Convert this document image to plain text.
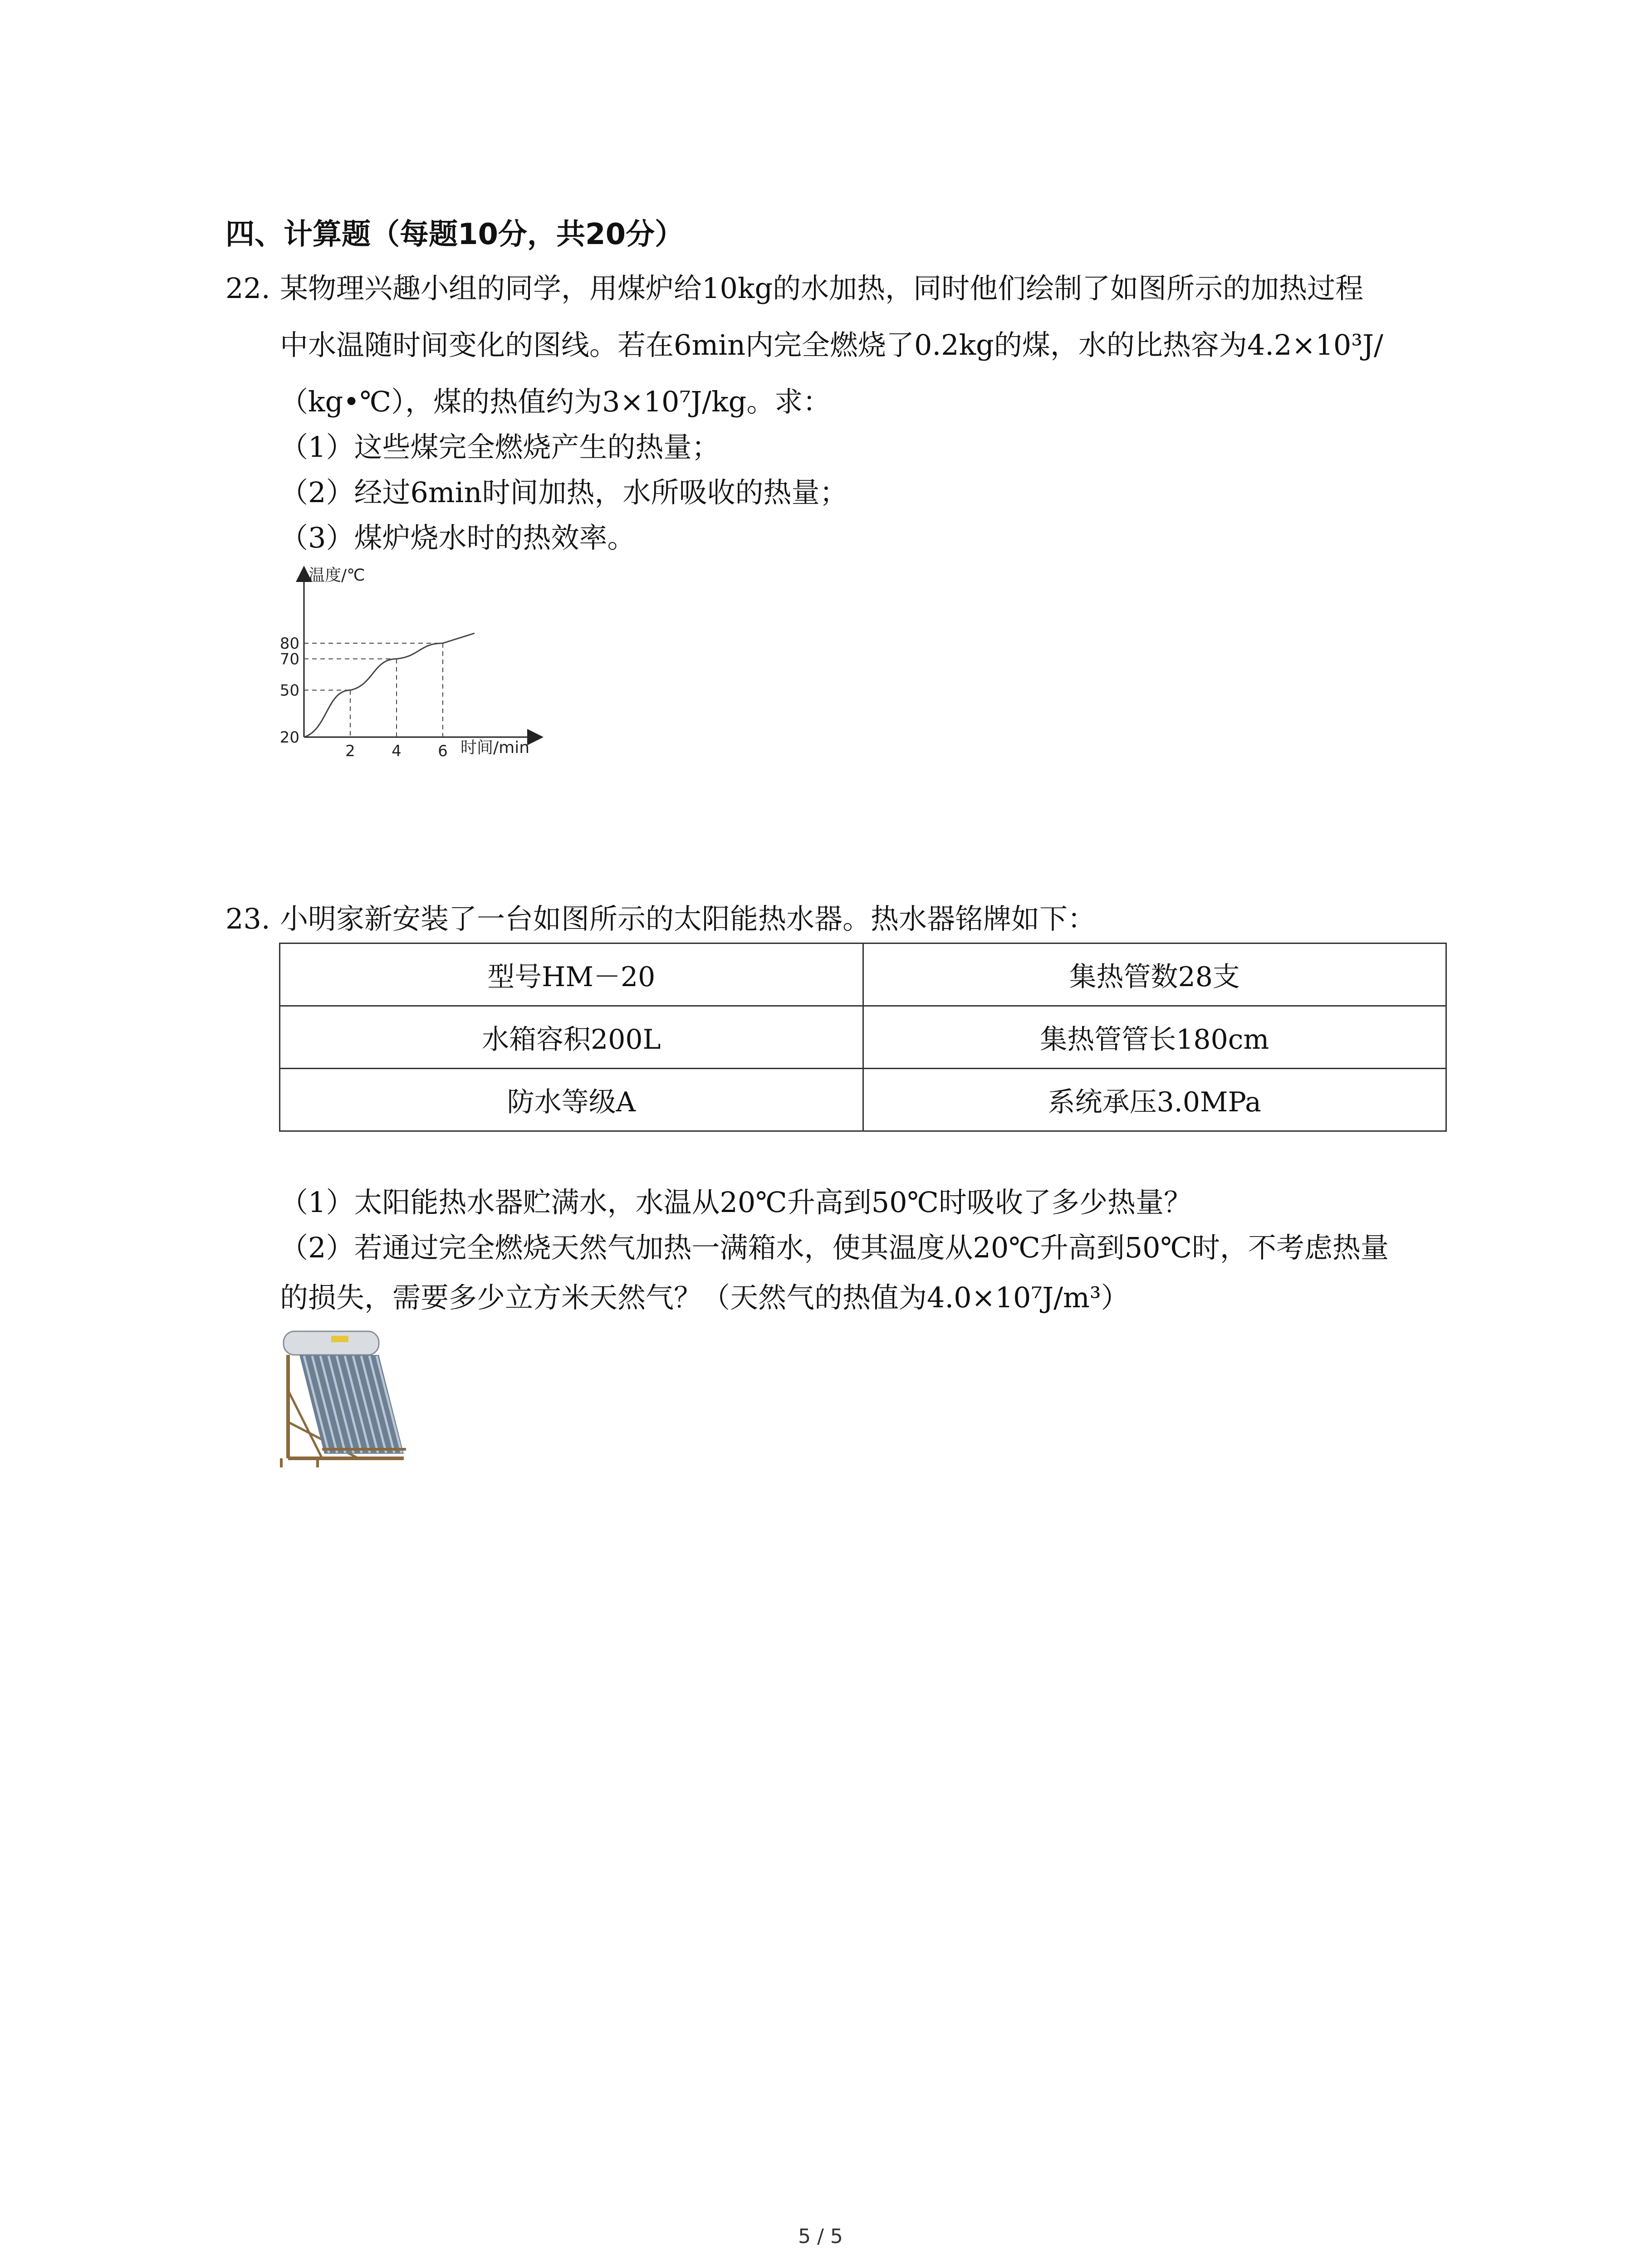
四、计算题（每题10分，共20分）
22. 某物理兴趣小组的同学，用煤炉给10kg的水加热，同时他们绘制了如图所示的加热过程
中水温随时间变化的图线。若在6min内完全燃烧了0.2kg的煤，水的比热容为4.2×10³J/
（kg•℃），煤的热值约为3×10⁷J/kg。求：
（1）这些煤完全燃烧产生的热量；
（2）经过6min时间加热，水所吸收的热量；
（3）煤炉烧水时的热效率。
2 4 6
20
50
70
80
温度/℃
时间/min
23. 小明家新安装了一台如图所示的太阳能热水器。热水器铭牌如下：
型号HM－20	集热管数28支
水箱容积200L	集热管管长180cm
防水等级A	系统承压3.0MPa
（1）太阳能热水器贮满水，水温从20℃升高到50℃时吸收了多少热量？
（2）若通过完全燃烧天然气加热一满箱水，使其温度从20℃升高到50℃时，不考虑热量
的损失，需要多少立方米天然气？（天然气的热值为4.0×10⁷J/m³）
5 / 5
